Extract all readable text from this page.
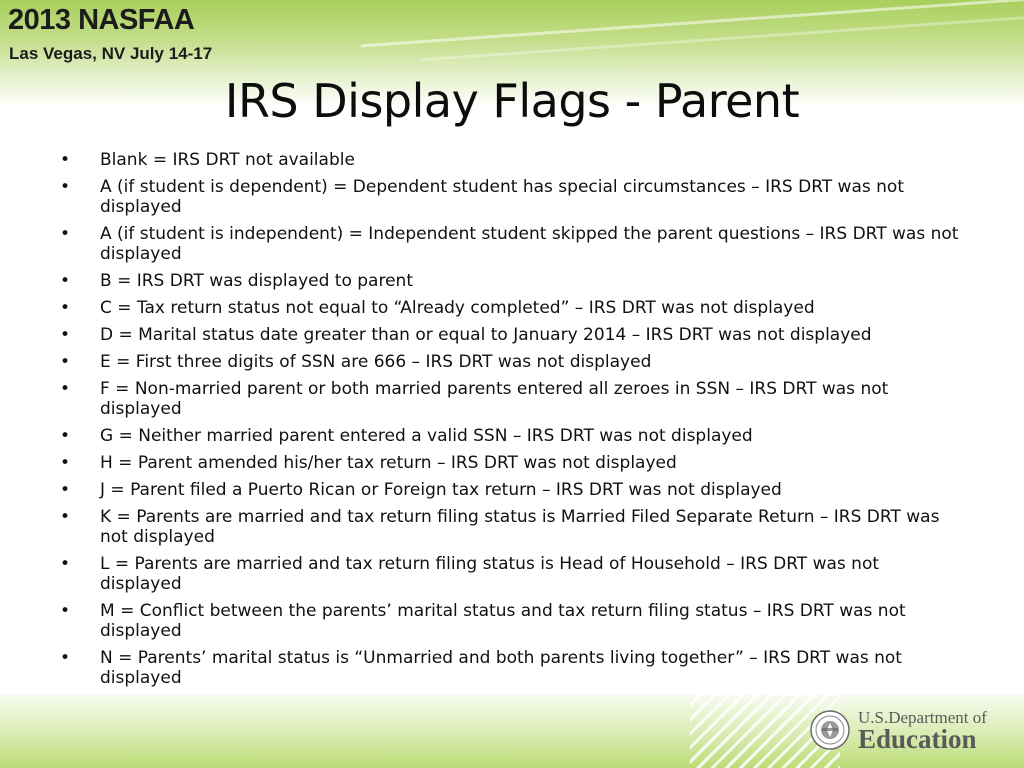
2013 NASFAA

Las Vegas, NV July 14-17

IRS Display Flags - Parent
• Blank = IRS DRT not available
• A (if student is dependent) = Dependent student has special circumstances – IRS DRT was not displayed
• A (if student is independent) = Independent student skipped the parent questions – IRS DRT was not displayed
• B = IRS DRT was displayed to parent
• C = Tax return status not equal to “Already completed” – IRS DRT was not displayed
• D = Marital status date greater than or equal to January 2014 – IRS DRT was not displayed
• E = First three digits of SSN are 666 – IRS DRT was not displayed
• F = Non-married parent or both married parents entered all zeroes in SSN – IRS DRT was not displayed
• G = Neither married parent entered a valid SSN – IRS DRT was not displayed
• H = Parent amended his/her tax return – IRS DRT was not displayed
• J = Parent filed a Puerto Rican or Foreign tax return – IRS DRT was not displayed
• K = Parents are married and tax return filing status is Married Filed Separate Return – IRS DRT was not displayed
• L = Parents are married and tax return filing status is Head of Household – IRS DRT was not displayed
• M = Conflict between the parents’ marital status and tax return filing status – IRS DRT was not displayed
• N = Parents’ marital status is “Unmarried and both parents living together” – IRS DRT was not displayed
U.S.Department of
Education
